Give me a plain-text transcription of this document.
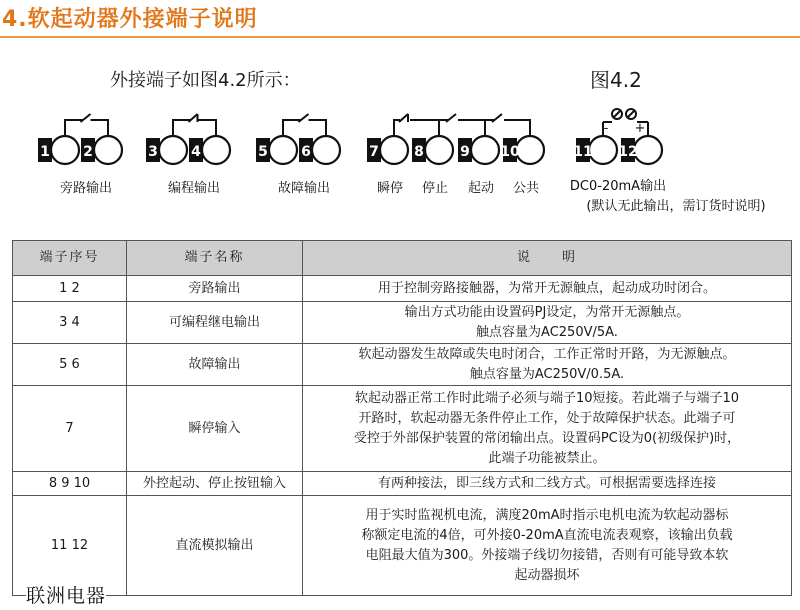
4.软起动器外接端子说明
外接端子如图4.2所示：	图4.2
1 2
旁路输出
3 4
编程输出
5 6
故障输出
7
瞬停
8
停止
9
起动
10
公共
11 12
- +
DC0-20mA输出
(默认无此输出，需订货时说明)
端子序号	端子名称	说　　明
1 2	旁路输出	用于控制旁路接触器，为常开无源触点，起动成功时闭合。

3 4	可编程继电输出	输出方式功能由设置码PJ设定，为常开无源触点。
触点容量为AC250V/5A.

5 6	故障输出	软起动器发生故障或失电时闭合，工作正常时开路，为无源触点。
触点容量为AC250V/0.5A.

7	瞬停输入	软起动器正常工作时此端子必须与端子10短接。若此端子与端子10
开路时，软起动器无条件停止工作，处于故障保护状态。此端子可
受控于外部保护装置的常闭输出点。设置码PC设为0(初级保护)时，
此端子功能被禁止。

8 9 10	外控起动、停止按钮输入	有两种接法，即三线方式和二线方式。可根据需要选择连接

11 12	直流模拟输出	用于实时监视机电流，满度20mA时指示电机电流为软起动器标
称额定电流的4倍，可外接0-20mA直流电流表观察，该输出负载
电阻最大值为300。外接端子线切勿接错，否则有可能导致本软
起动器损坏
联洲电器
